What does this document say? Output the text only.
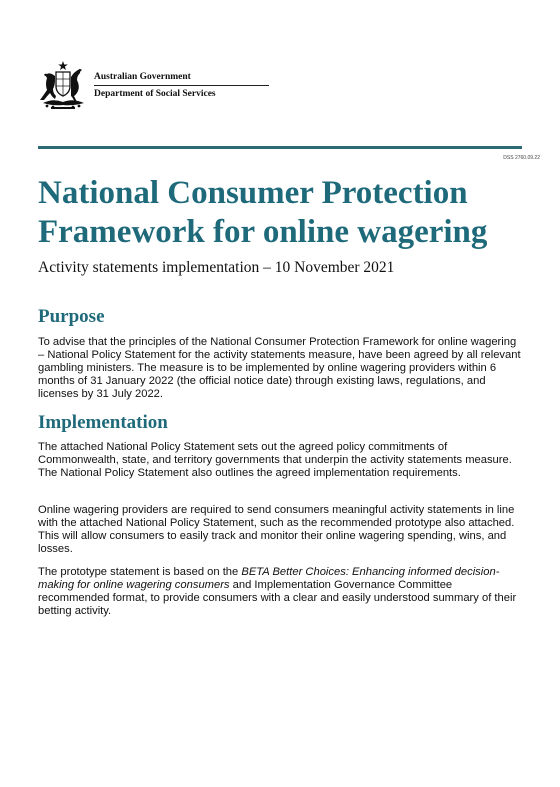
Australian Government
Department of Social Services
DSS 2760.09.22
National Consumer Protection Framework for online wagering
Activity statements implementation – 10 November 2021
Purpose

To advise that the principles of the National Consumer Protection Framework for online wagering – National Policy Statement for the activity statements measure, have been agreed by all relevant gambling ministers. The measure is to be implemented by online wagering providers within 6 months of 31 January 2022 (the official notice date) through existing laws, regulations, and licenses by 31 July 2022.

Implementation

The attached National Policy Statement sets out the agreed policy commitments of Commonwealth, state, and territory governments that underpin the activity statements measure. The National Policy Statement also outlines the agreed implementation requirements.

Online wagering providers are required to send consumers meaningful activity statements in line with the attached National Policy Statement, such as the recommended prototype also attached. This will allow consumers to easily track and monitor their online wagering spending, wins, and losses.

The prototype statement is based on the BETA Better Choices: Enhancing informed decision-making for online wagering consumers and Implementation Governance Committee recommended format, to provide consumers with a clear and easily understood summary of their betting activity.
